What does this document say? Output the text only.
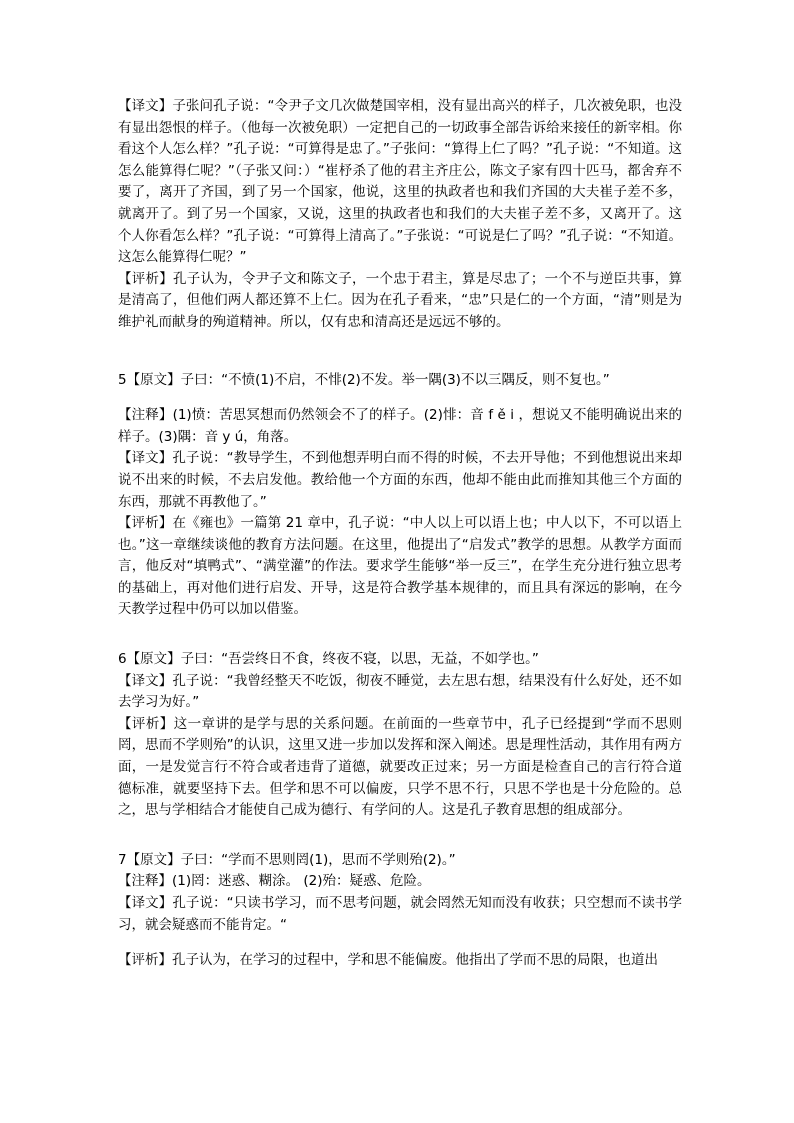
【译文】子张问孔子说：“令尹子文几次做楚国宰相，没有显出高兴的样子，几次被免职，也没有显出怨恨的样子。（他每一次被免职）一定把自己的一切政事全部告诉给来接任的新宰相。你看这个人怎么样？”孔子说：“可算得是忠了。”子张问：“算得上仁了吗？”孔子说：“不知道。这怎么能算得仁呢？”（子张又问：）“崔杼杀了他的君主齐庄公，陈文子家有四十匹马，都舍弃不要了，离开了齐国，到了另一个国家，他说，这里的执政者也和我们齐国的大夫崔子差不多，就离开了。到了另一个国家，又说，这里的执政者也和我们的大夫崔子差不多，又离开了。这个人你看怎么样？”孔子说：“可算得上清高了。”子张说：“可说是仁了吗？”孔子说：“不知道。这怎么能算得仁呢？”

【评析】孔子认为，令尹子文和陈文子，一个忠于君主，算是尽忠了；一个不与逆臣共事，算是清高了，但他们两人都还算不上仁。因为在孔子看来，“忠”只是仁的一个方面，“清”则是为维护礼而献身的殉道精神。所以，仅有忠和清高还是远远不够的。

5【原文】子曰：“不愤(1)不启，不悱(2)不发。举一隅(3)不以三隅反，则不复也。”

【注释】(1)愤：苦思冥想而仍然领会不了的样子。(2)悱：音 f ě i ，想说又不能明确说出来的样子。(3)隅：音 y ú，角落。

【译文】孔子说：“教导学生，不到他想弄明白而不得的时候，不去开导他；不到他想说出来却说不出来的时候，不去启发他。教给他一个方面的东西，他却不能由此而推知其他三个方面的东西，那就不再教他了。”

【评析】在《雍也》一篇第 21 章中，孔子说：“中人以上可以语上也；中人以下，不可以语上也。”这一章继续谈他的教育方法问题。在这里，他提出了“启发式”教学的思想。从教学方面而言，他反对“填鸭式”、“满堂灌”的作法。要求学生能够“举一反三”，在学生充分进行独立思考的基础上，再对他们进行启发、开导，这是符合教学基本规律的，而且具有深远的影响，在今天教学过程中仍可以加以借鉴。

6【原文】子曰：“吾尝终日不食，终夜不寝，以思，无益，不如学也。”

【译文】孔子说：“我曾经整天不吃饭，彻夜不睡觉，去左思右想，结果没有什么好处，还不如去学习为好。”

【评析】这一章讲的是学与思的关系问题。在前面的一些章节中，孔子已经提到“学而不思则罔，思而不学则殆”的认识，这里又进一步加以发挥和深入阐述。思是理性活动，其作用有两方面，一是发觉言行不符合或者违背了道德，就要改正过来；另一方面是检查自己的言行符合道德标准，就要坚持下去。但学和思不可以偏废，只学不思不行，只思不学也是十分危险的。总之，思与学相结合才能使自己成为德行、有学问的人。这是孔子教育思想的组成部分。

7【原文】子曰：“学而不思则罔(1)，思而不学则殆(2)。”

【注释】(1)罔：迷惑、糊涂。 (2)殆：疑惑、危险。

【译文】孔子说：“只读书学习，而不思考问题，就会罔然无知而没有收获；只空想而不读书学习，就会疑惑而不能肯定。“

【评析】孔子认为，在学习的过程中，学和思不能偏废。他指出了学而不思的局限，也道出
